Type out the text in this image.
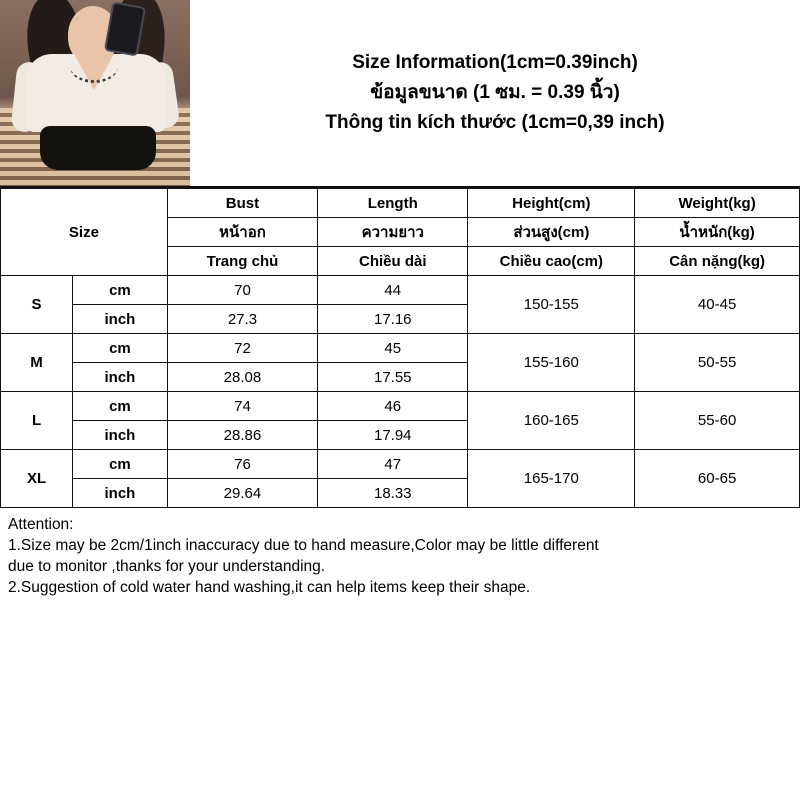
Size Information(1cm=0.39inch)
ข้อมูลขนาด (1 ซม. = 0.39 นิ้ว)
Thông tin kích thước (1cm=0,39 inch)
Size		Bust	Length	Height(cm)	Weight(kg)
		หน้าอก	ความยาว	ส่วนสูง(cm)	น้ำหนัก(kg)
		Trang chủ	Chiều dài	Chiều cao(cm)	Cân nặng(kg)
S	cm	70	44	150-155	40-45
	inch	27.3	17.16		
M	cm	72	45	155-160	50-55
	inch	28.08	17.55		
L	cm	74	46	160-165	55-60
	inch	28.86	17.94		
XL	cm	76	47	165-170	60-65
	inch	29.64	18.33		

Attention:

1.Size may be 2cm/1inch inaccuracy due to hand measure,Color may be little different

due to monitor ,thanks for your understanding.

2.Suggestion of cold water hand washing,it can help items keep their shape.
